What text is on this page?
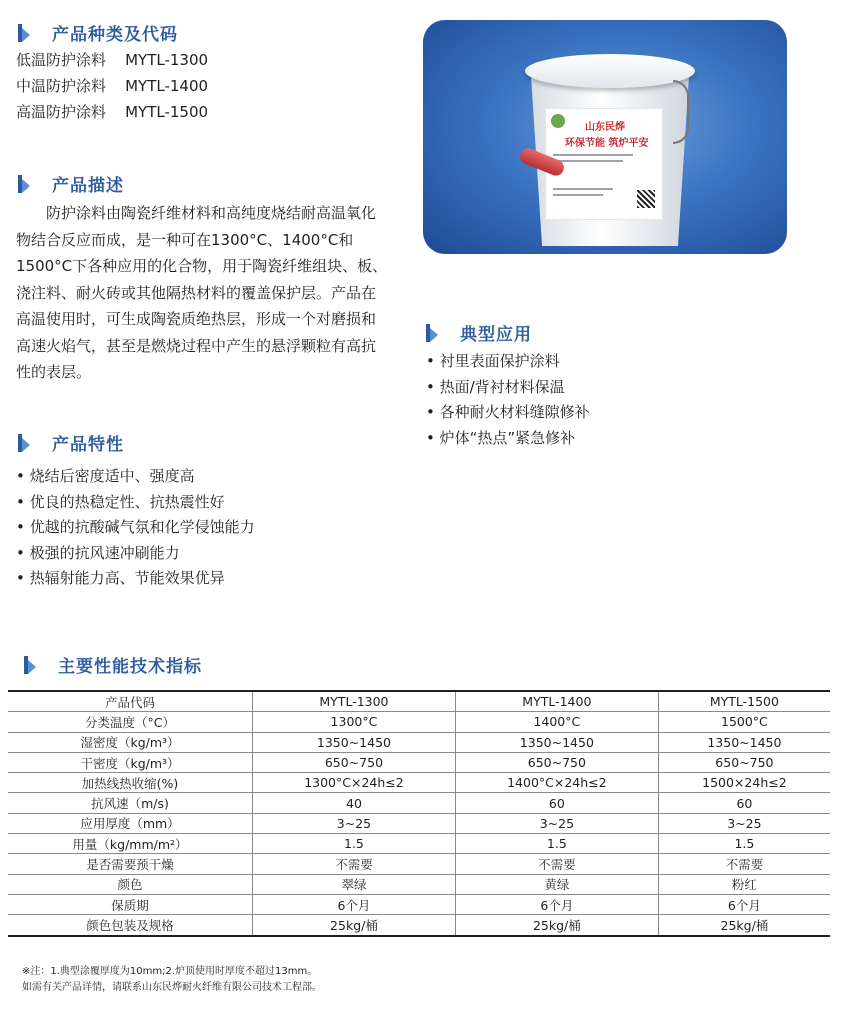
产品种类及代码
低温防护涂料 MYTL-1300
中温防护涂料 MYTL-1400
高温防护涂料 MYTL-1500
产品描述
　　防护涂料由陶瓷纤维材料和高纯度烧结耐高温氧化物结合反应而成，是一种可在1300°C、1400°C和1500°C下各种应用的化合物，用于陶瓷纤维组块、板、浇注料、耐火砖或其他隔热材料的覆盖保护层。产品在高温使用时，可生成陶瓷质绝热层，形成一个对磨损和高速火焰气，甚至是燃烧过程中产生的悬浮颗粒有高抗性的表层。
产品特性
• 烧结后密度适中、强度高
• 优良的热稳定性、抗热震性好
• 优越的抗酸碱气氛和化学侵蚀能力
• 极强的抗风速冲刷能力
• 热辐射能力高、节能效果优异
山东民烨
环保节能 筑炉平安
典型应用
• 衬里表面保护涂料
• 热面/背衬材料保温
• 各种耐火材料缝隙修补
• 炉体“热点”紧急修补
主要性能技术指标
产品代码	MYTL-1300	MYTL-1400	MYTL-1500
分类温度（°C）	1300°C	1400°C	1500°C
湿密度（kg/m³）	1350~1450	1350~1450	1350~1450
干密度（kg/m³）	650~750	650~750	650~750
加热线热收缩(%)	1300°C×24h≤2	1400°C×24h≤2	1500×24h≤2
抗风速（m/s)	40	60	60
应用厚度（mm）	3~25	3~25	3~25
用量（kg/mm/m²）	1.5	1.5	1.5
是否需要预干燥	不需要	不需要	不需要
颜色	翠绿	黄绿	粉红
保质期	6个月	6个月	6个月
颜色包装及规格	25kg/桶	25kg/桶	25kg/桶
※注：1.典型涂覆厚度为10mm;2.炉顶使用时厚度不超过13mm。
如需有关产品详情，请联系山东民烨耐火纤维有限公司技术工程部。
